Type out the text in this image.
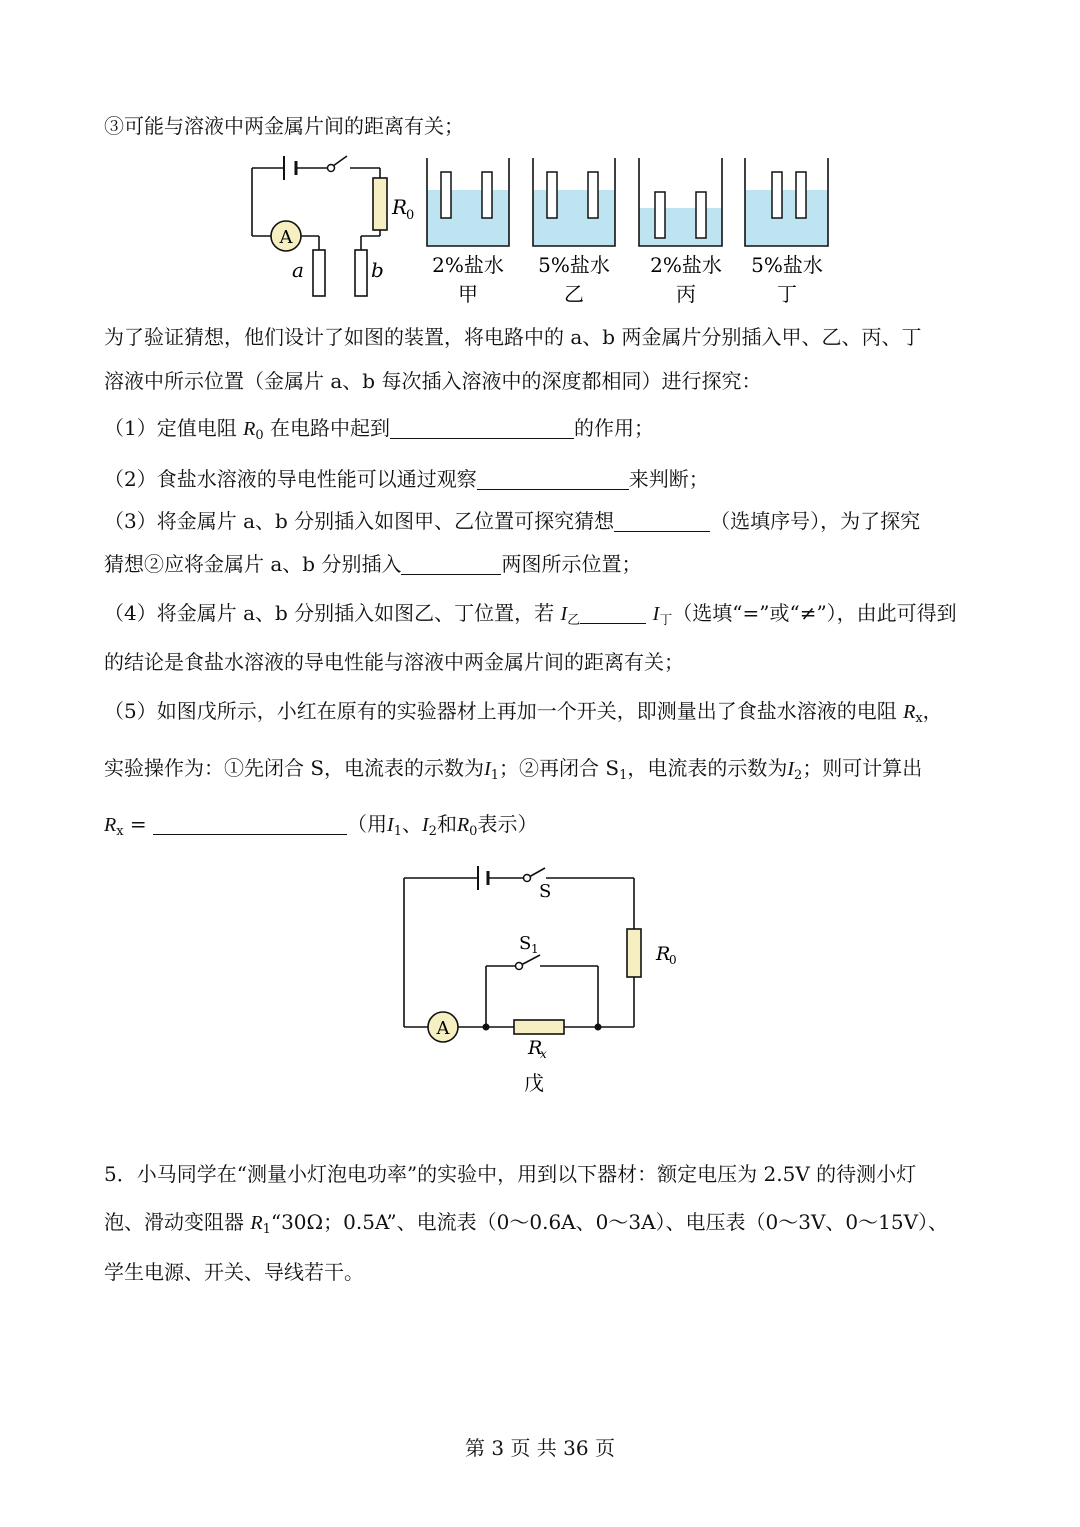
③可能与溶液中两金属片间的距离有关；
R
0
A
a	b 2%盐水
甲
5%盐水
乙
2%盐水
丙
5%盐水
丁
为了验证猜想，他们设计了如图的装置，将电路中的 a、b 两金属片分别插入甲、乙、丙、丁
溶液中所示位置（金属片 a、b 每次插入溶液中的深度都相同）进行探究：
（1）定值电阻 $R_0$ 在电路中起到	的作用；
（2）食盐水溶液的导电性能可以通过观察	来判断；
（3）将金属片 a、b 分别插入如图甲、乙位置可探究猜想	（选填序号），为了探究
猜想②应将金属片 a、b 分别插入	两图所示位置；
（4）将金属片 a、b 分别插入如图乙、丁位置，若 $I_乙$	$I_丁$（选填“=”或“≠”），由此可得到
的结论是食盐水溶液的导电性能与溶液中两金属片间的距离有关；
（5）如图戊所示，小红在原有的实验器材上再加一个开关，即测量出了食盐水溶液的电阻 $R_x$，
实验操作为：①先闭合 S，电流表的示数为$I_1$；②再闭合 $S_1$，电流表的示数为$I_2$；则可计算出
$R_x$ =	（用$I_1$、$I_2$和$R_0$表示）
A
S
S 1	R
0
R
x
戊
5．小马同学在“测量小灯泡电功率”的实验中，用到以下器材：额定电压为 2.5V 的待测小灯
泡、滑动变阻器 $R_1“30\Omega$；0.5A”、电流表（0～0.6A、0～3A）、电压表（0～3V、0～15V）、
学生电源、开关、导线若干。
第 3 页 共 36 页
